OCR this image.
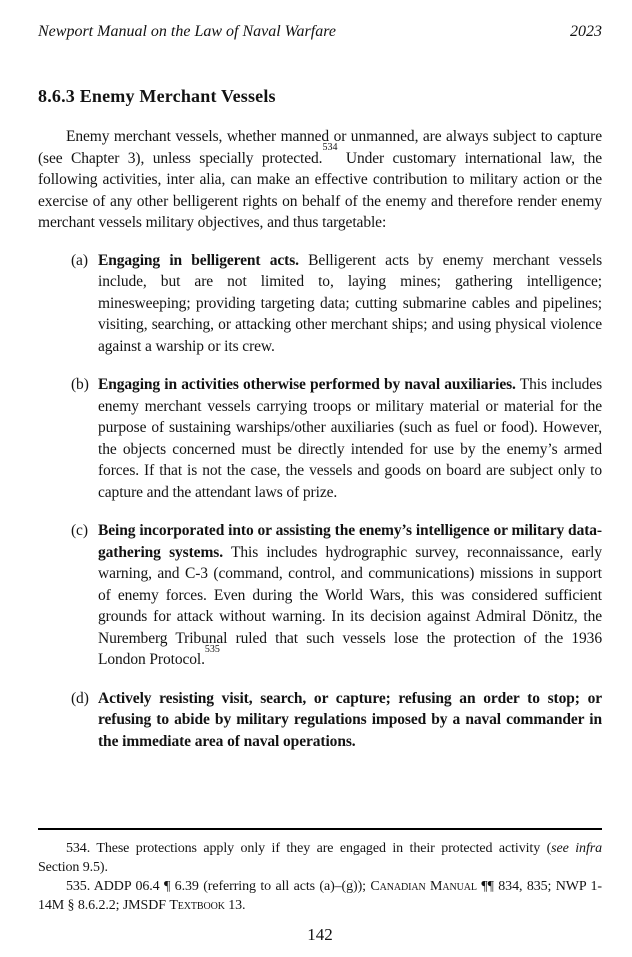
Newport Manual on the Law of Naval Warfare	2023
8.6.3 Enemy Merchant Vessels

Enemy merchant vessels, whether manned or unmanned, are always subject to capture (see Chapter 3), unless specially protected.$^{534}$ Under customary international law, the following activities, inter alia, can make an effective contribution to military action or the exercise of any other belligerent rights on behalf of the enemy and therefore render enemy merchant vessels military objectives, and thus targetable:

(a) Engaging in belligerent acts. Belligerent acts by enemy merchant vessels include, but are not limited to, laying mines; gathering intelligence; minesweeping; providing targeting data; cutting submarine cables and pipelines; visiting, searching, or attacking other merchant ships; and using physical violence against a warship or its crew.
(b) Engaging in activities otherwise performed by naval auxiliaries. This includes enemy merchant vessels carrying troops or military material or material for the purpose of sustaining warships/other auxiliaries (such as fuel or food). However, the objects concerned must be directly intended for use by the enemy’s armed forces. If that is not the case, the vessels and goods on board are subject only to capture and the attendant laws of prize.
(c) Being incorporated into or assisting the enemy’s intelligence or military data-gathering systems. This includes hydrographic survey, reconnaissance, early warning, and C-3 (command, control, and communications) missions in support of enemy forces. Even during the World Wars, this was considered sufficient grounds for attack without warning. In its decision against Admiral Dönitz, the Nuremberg Tribunal ruled that such vessels lose the protection of the 1936 London Protocol.$^{535}$
(d) Actively resisting visit, search, or capture; refusing an order to stop; or refusing to abide by military regulations imposed by a naval commander in the immediate area of naval operations.

534. These protections apply only if they are engaged in their protected activity (see infra Section 9.5).

535. ADDP 06.4 ¶ 6.39 (referring to all acts (a)–(g)); Canadian Manual ¶¶ 834, 835; NWP 1-14M § 8.6.2.2; JMSDF Textbook 13.

142
